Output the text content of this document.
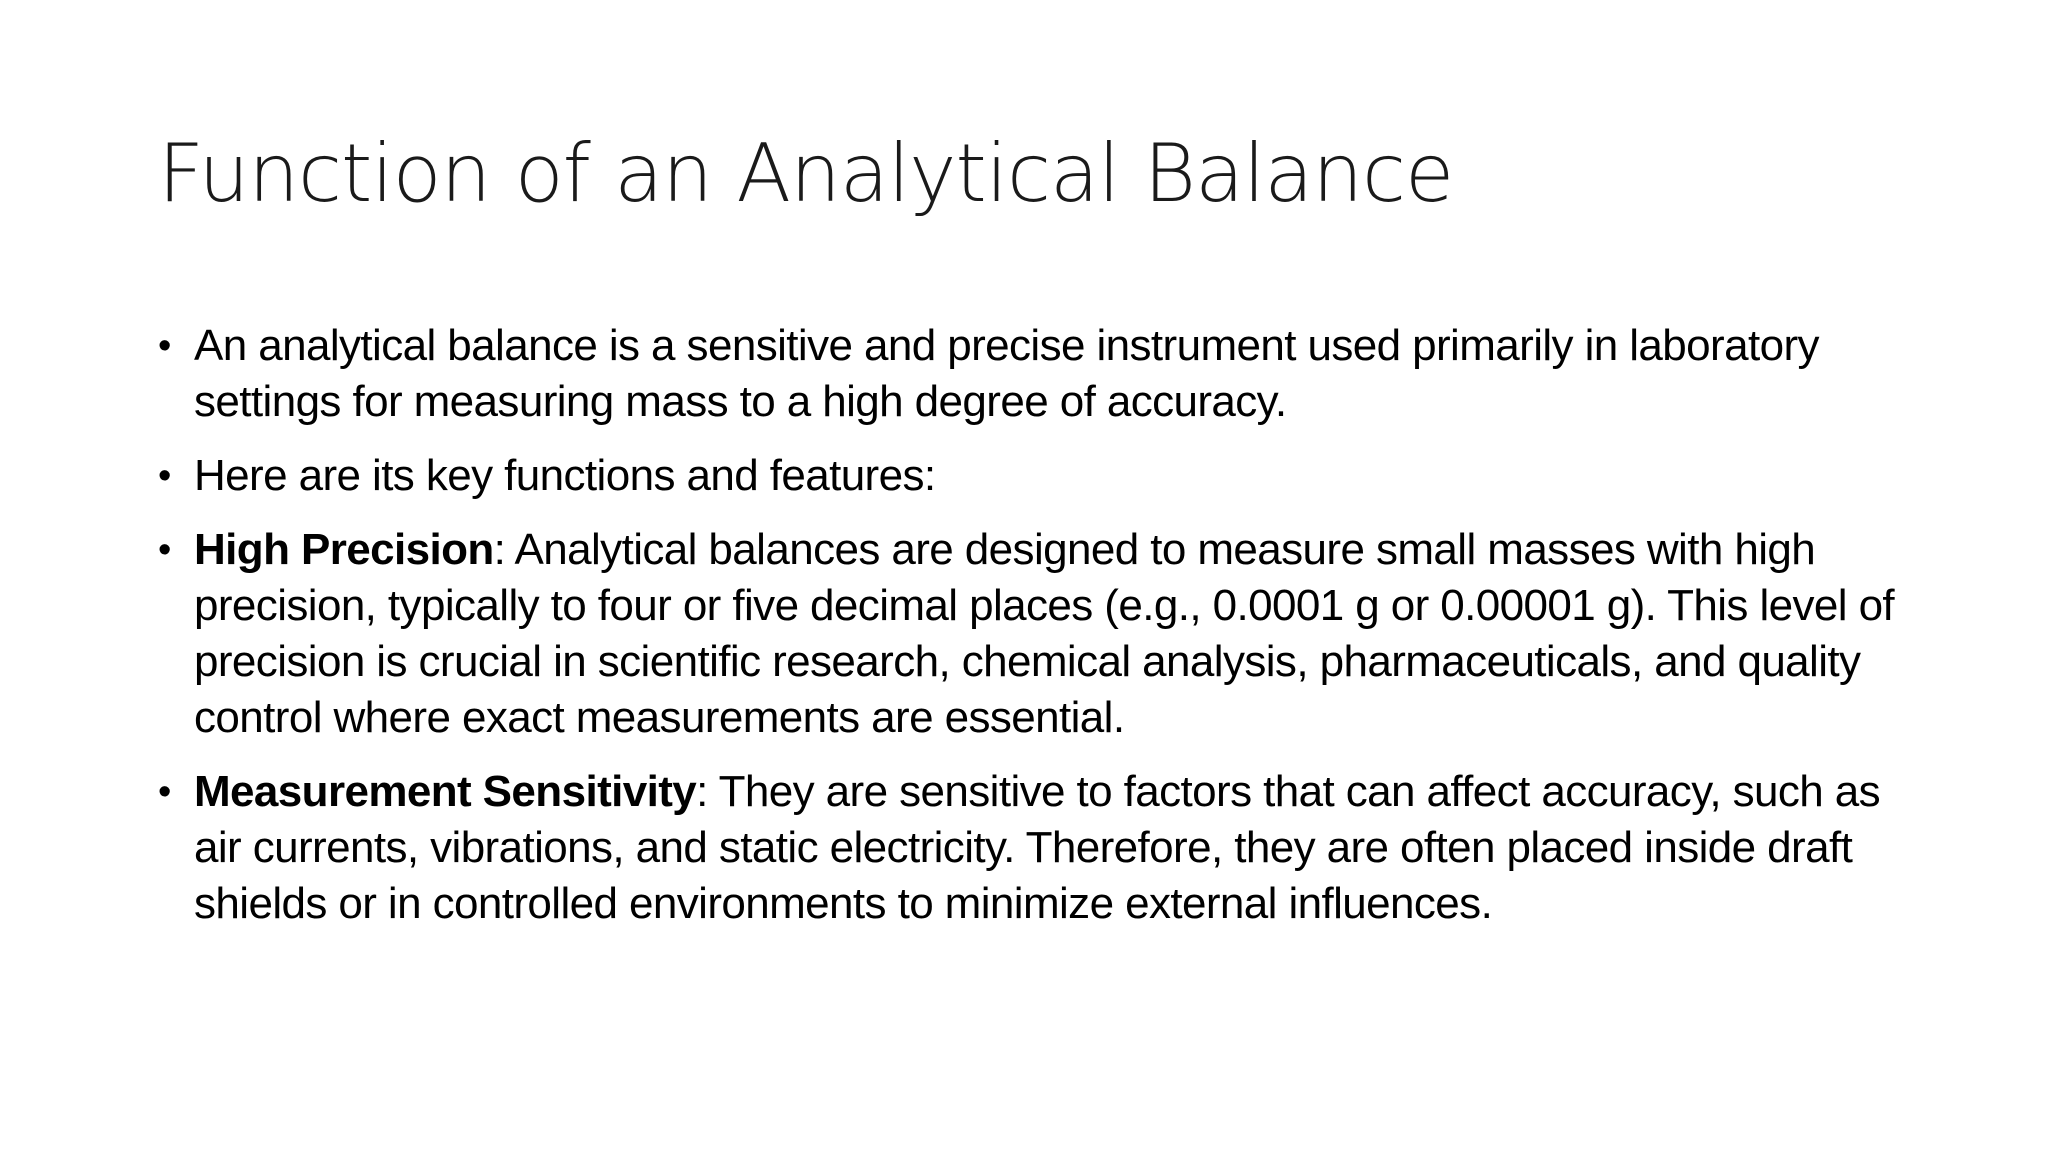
Function of an Analytical Balance
• An analytical balance is a sensitive and precise instrument used primarily in laboratory settings for measuring mass to a high degree of accuracy.
• Here are its key functions and features:
• High Precision: Analytical balances are designed to measure small masses with high precision, typically to four or five decimal places (e.g., 0.0001 g or 0.00001 g). This level of precision is crucial in scientific research, chemical analysis, pharmaceuticals, and quality control where exact measurements are essential.
• Measurement Sensitivity: They are sensitive to factors that can affect accuracy, such as air currents, vibrations, and static electricity. Therefore, they are often placed inside draft shields or in controlled environments to minimize external influences.
